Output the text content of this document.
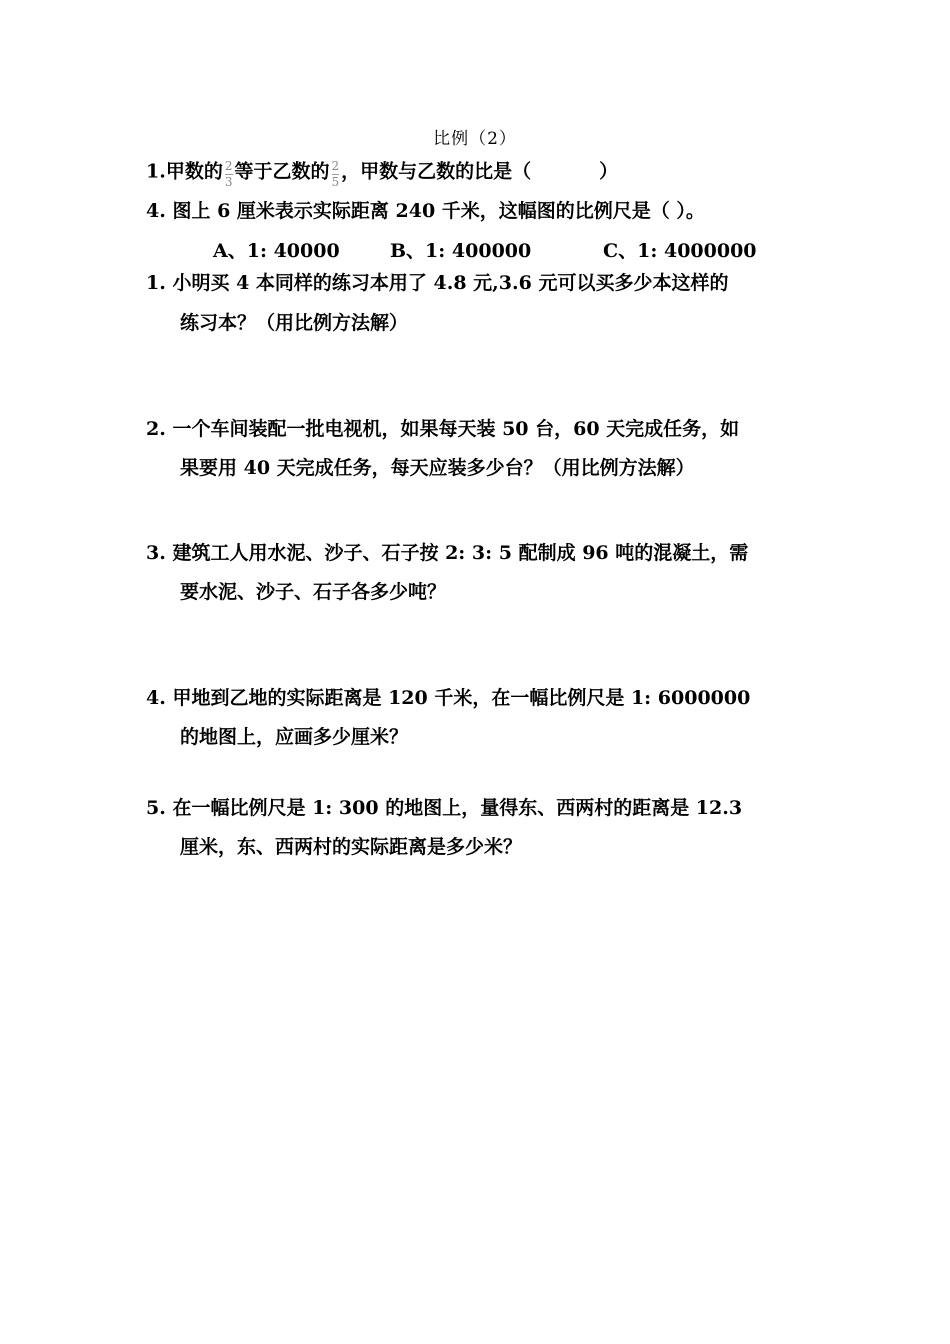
比例（2）
1.甲数的 $\frac{2}{3}$ 等于乙数的 $\frac{2}{5}$ ，甲数与乙数的比是（	）
4. 图上 6 厘米表示实际距离 240 千米，这幅图的比例尺是（ ）。
A、1: 40000	B、1: 400000	C、1: 4000000
1. 小明买 4 本同样的练习本用了 4.8 元,3.6 元可以买多少本这样的
练习本？（用比例方法解）
2. 一个车间装配一批电视机，如果每天装 50 台，60 天完成任务，如
果要用 40 天完成任务，每天应装多少台？（用比例方法解）
3. 建筑工人用水泥、沙子、石子按 2: 3: 5 配制成 96 吨的混凝土，需
要水泥、沙子、石子各多少吨？
4. 甲地到乙地的实际距离是 120 千米，在一幅比例尺是 1: 6000000
的地图上，应画多少厘米？
5. 在一幅比例尺是 1: 300 的地图上，量得东、西两村的距离是 12.3
厘米，东、西两村的实际距离是多少米？
